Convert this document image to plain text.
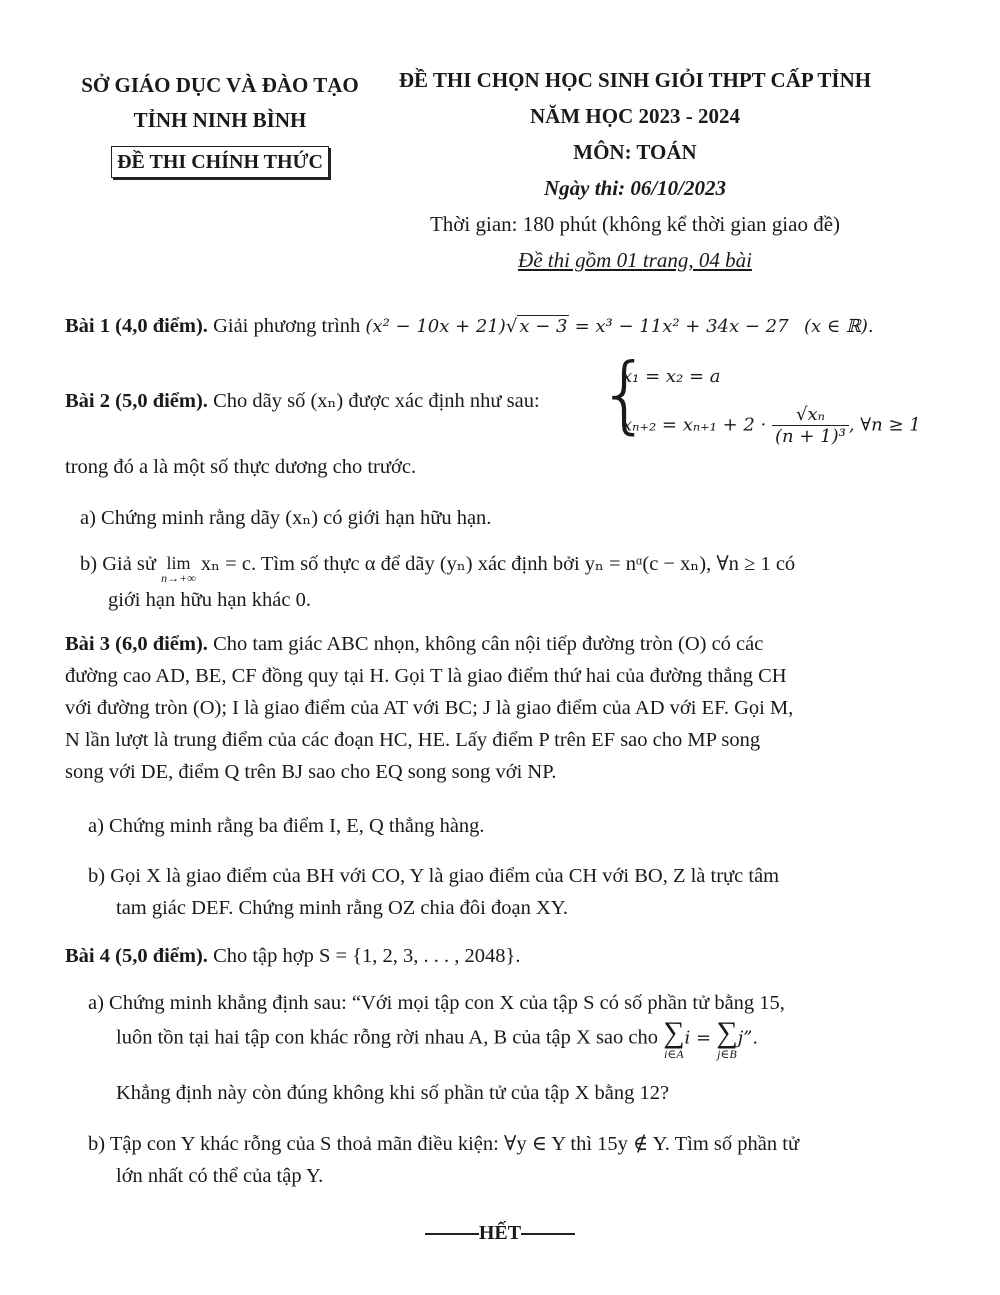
SỞ GIÁO DỤC VÀ ĐÀO TẠO
TỈNH NINH BÌNH
ĐỀ THI CHÍNH THỨC
ĐỀ THI CHỌN HỌC SINH GIỎI THPT CẤP TỈNH
NĂM HỌC 2023 - 2024
MÔN: TOÁN
Ngày thi: 06/10/2023
Thời gian: 180 phút (không kể thời gian giao đề)
Đề thi gồm 01 trang, 04 bài
Bài 1 (4,0 điểm). Giải phương trình (x² − 10x + 21)√ x − 3 = x³ − 11x² + 34x − 27 (x ∈ ℝ).
Bài 2 (5,0 điểm). Cho dãy số (xₙ) được xác định như sau: {
x₁ = x₂ = a
$x_{n+2} = x_{n+1} + 2 \cdot \frac{\text{√xₙ}}{\text{(n + 1)³}}$ , ∀n ≥ 1
trong đó a là một số thực dương cho trước.
a) Chứng minh rằng dãy (xₙ) có giới hạn hữu hạn.
b) Giả sử lim
n→+∞
xₙ = c. Tìm số thực α để dãy (yₙ) xác định bởi yₙ = nᵅ(c − xₙ), ∀n ≥ 1 có
giới hạn hữu hạn khác 0.
Bài 3 (6,0 điểm). Cho tam giác ABC nhọn, không cân nội tiếp đường tròn (O) có các
đường cao AD, BE, CF đồng quy tại H. Gọi T là giao điểm thứ hai của đường thẳng CH
với đường tròn (O); I là giao điểm của AT với BC; J là giao điểm của AD với EF. Gọi M,
N lần lượt là trung điểm của các đoạn HC, HE. Lấy điểm P trên EF sao cho MP song
song với DE, điểm Q trên BJ sao cho EQ song song với NP.
a) Chứng minh rằng ba điểm I, E, Q thẳng hàng.
b) Gọi X là giao điểm của BH với CO, Y là giao điểm của CH với BO, Z là trực tâm
tam giác DEF. Chứng minh rằng OZ chia đôi đoạn XY.
Bài 4 (5,0 điểm). Cho tập hợp S = {1, 2, 3, . . . , 2048}.
a) Chứng minh khẳng định sau: “Với mọi tập con X của tập S có số phần tử bằng 15,
luôn tồn tại hai tập con khác rỗng rời nhau A, B của tập X sao cho ∑
i∈A
i = ∑
j∈B
j”.
Khẳng định này còn đúng không khi số phần tử của tập X bằng 12?
b) Tập con Y khác rỗng của S thoả mãn điều kiện: ∀y ∈ Y thì 15y ∉ Y. Tìm số phần tử
lớn nhất có thể của tập Y.
HẾT
